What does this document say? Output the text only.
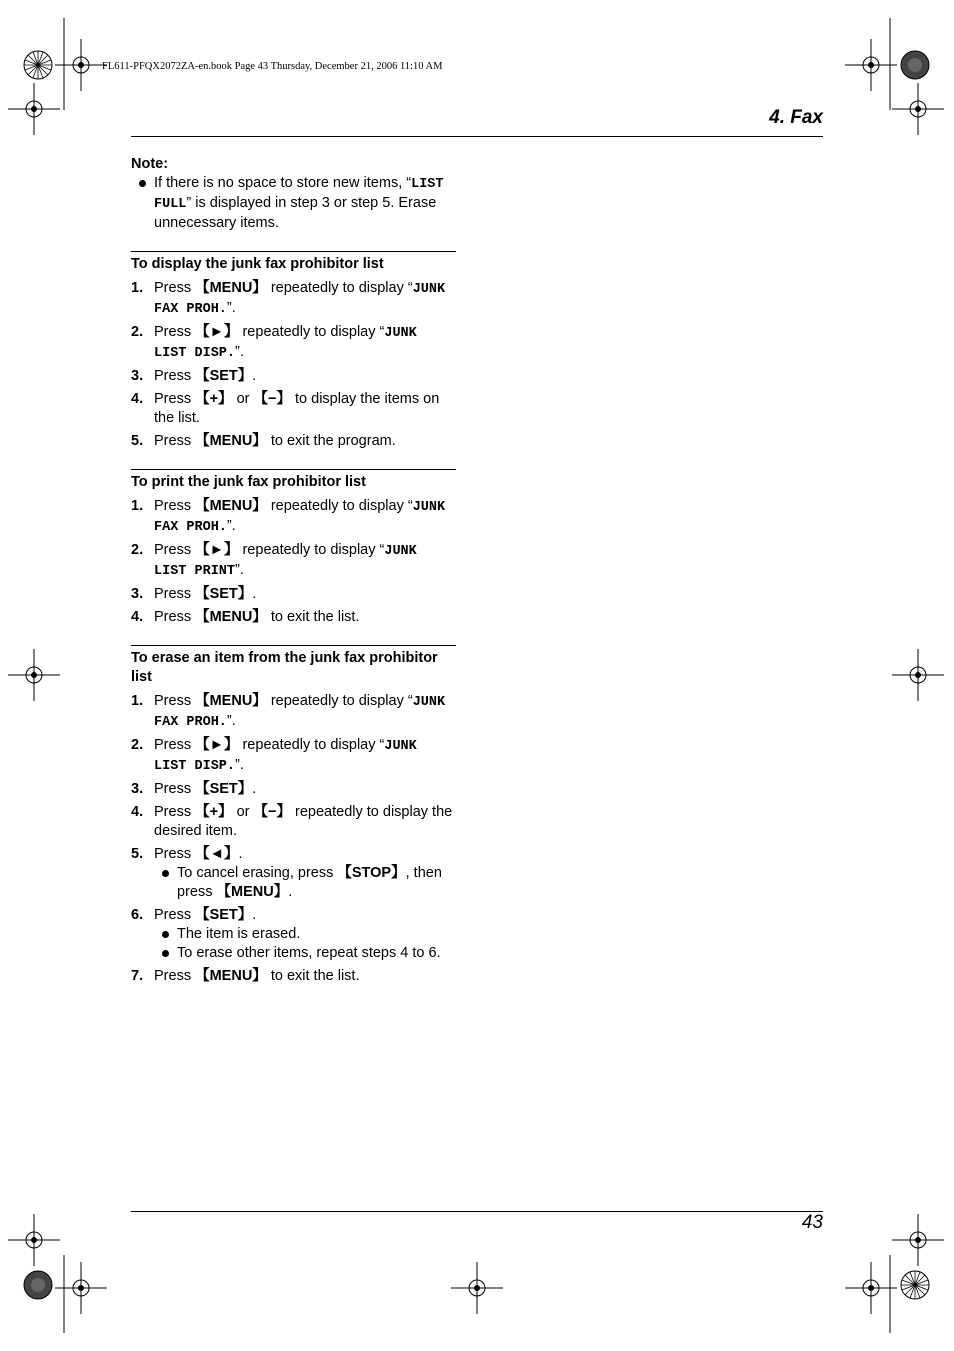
FL611-PFQX2072ZA-en.book Page 43 Thursday, December 21, 2006 11:10 AM
4. Fax
Note:
If there is no space to store new items, “LIST FULL” is displayed in step 3 or step 5. Erase unnecessary items.
To display the junk fax prohibitor list
1. Press 【MENU】 repeatedly to display “JUNK FAX PROH.”.
2. Press 【►】 repeatedly to display “JUNK LIST DISP.”.
3. Press 【SET】.
4. Press 【+】 or 【−】 to display the items on the list.
5. Press 【MENU】 to exit the program.
To print the junk fax prohibitor list
1. Press 【MENU】 repeatedly to display “JUNK FAX PROH.”.
2. Press 【►】 repeatedly to display “JUNK LIST PRINT”.
3. Press 【SET】.
4. Press 【MENU】 to exit the list.
To erase an item from the junk fax prohibitor list
1. Press 【MENU】 repeatedly to display “JUNK FAX PROH.”.
2. Press 【►】 repeatedly to display “JUNK LIST DISP.”.
3. Press 【SET】.
4. Press 【+】 or 【−】 repeatedly to display the desired item.
5. Press 【◄】.
To cancel erasing, press 【STOP】, then press 【MENU】.
6. Press 【SET】.
The item is erased.
To erase other items, repeat steps 4 to 6.
7. Press 【MENU】 to exit the list.
43
